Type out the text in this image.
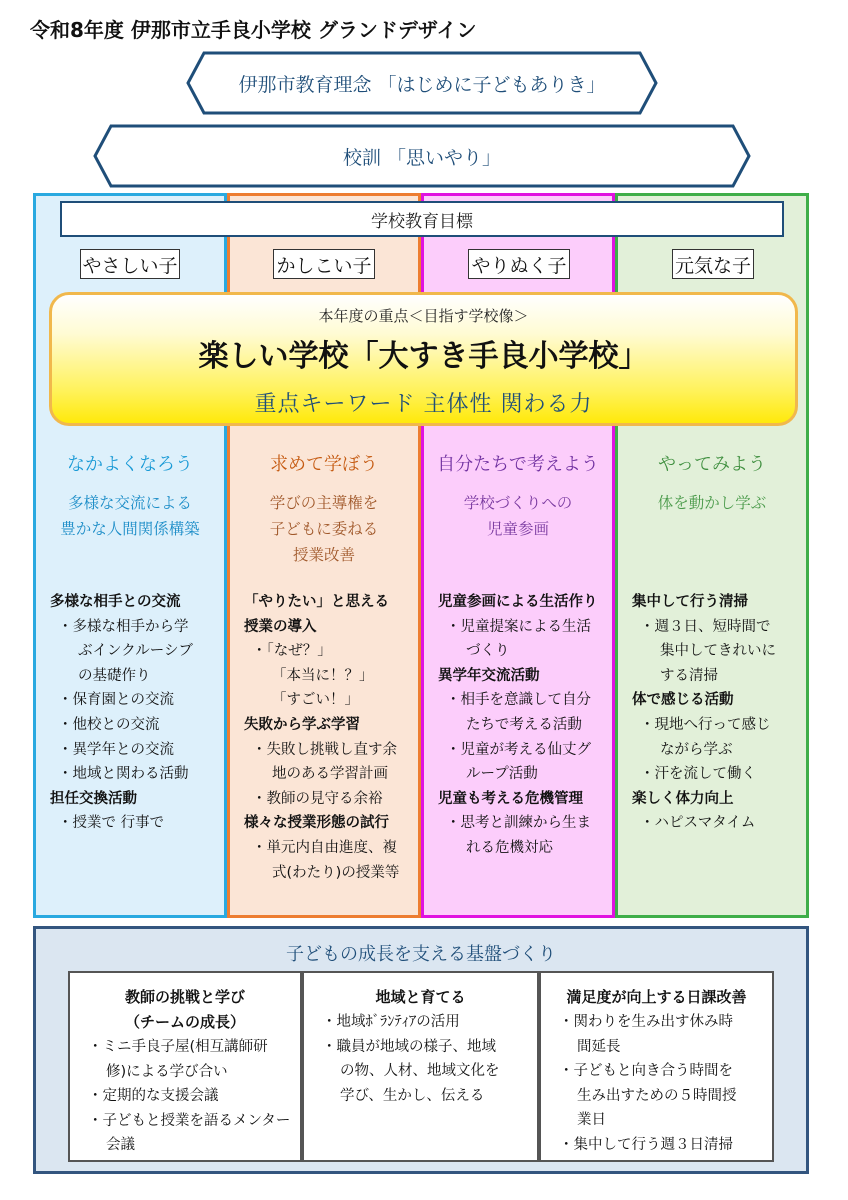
令和8年度 伊那市立手良小学校 グランドデザイン
伊那市教育理念 「はじめに子どもありき」
校訓 「思いやり」
学校教育目標
やさしい子	かしこい子	やりぬく子	元気な子
本年度の重点＜目指す学校像＞
楽しい学校「大すき手良小学校」
重点キーワード 主体性 関わる力
なかよくなろう
多様な交流による
豊かな人間関係構築
多様な相手との交流
・多様な相手から学
ぶインクルーシブ
の基礎作り
・保育園との交流
・他校との交流
・異学年との交流
・地域と関わる活動
担任交換活動
・授業で 行事で
求めて学ぼう
学びの主導権を
子どもに委ねる
授業改善
「やりたい」と思える
授業の導入
・「なぜ？」
「本当に！？」
「すごい！」
失敗から学ぶ学習
・失敗し挑戦し直す余
地のある学習計画
・教師の見守る余裕
様々な授業形態の試行
・単元内自由進度、複
式(わたり)の授業等
自分たちで考えよう
学校づくりへの
児童参画
児童参画による生活作り
・児童提案による生活
づくり
異学年交流活動
・相手を意識して自分
たちで考える活動
・児童が考える仙丈グ
ループ活動
児童も考える危機管理
・思考と訓練から生ま
れる危機対応
やってみよう
体を動かし学ぶ
集中して行う清掃
・週３日、短時間で
集中してきれいに
する清掃
体で感じる活動
・現地へ行って感じ
ながら学ぶ
・汗を流して働く
楽しく体力向上
・ハピスマタイム
子どもの成長を支える基盤づくり
教師の挑戦と学び
（チームの成長）
・ミニ手良子屋(相互講師研
修)による学び合い
・定期的な支援会議
・子どもと授業を語るメンター
会議
地域と育てる
・地域ﾎﾞﾗﾝﾃｨｱの活用
・職員が地域の様子、地域
の物、人材、地域文化を
学び、生かし、伝える
満足度が向上する日課改善
・関わりを生み出す休み時
間延長
・子どもと向き合う時間を
生み出すための５時間授
業日
・集中して行う週３日清掃
